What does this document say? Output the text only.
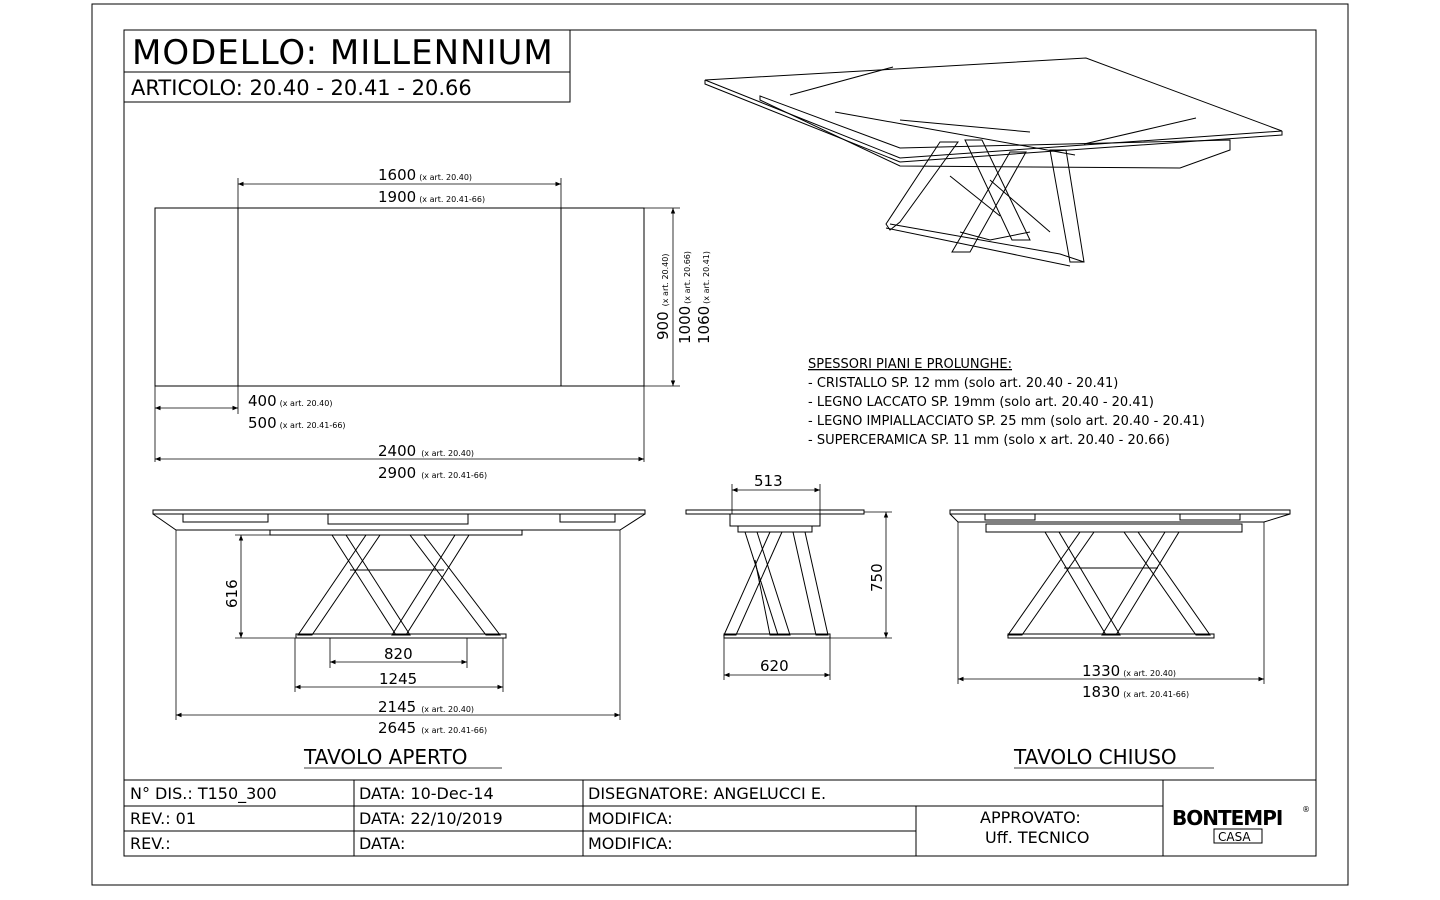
MODELLO: MILLENNIUM
ARTICOLO: 20.40 - 20.41 - 20.66
1600 (x art. 20.40)
1900 (x art. 20.41-66)
900(x art. 20.40)
1000(x art. 20.66)
1060(x art. 20.41)
400 (x art. 20.40)
500 (x art. 20.41-66)
2400 (x art. 20.40)
2900 (x art. 20.41-66)
SPESSORI PIANI E PROLUNGHE:
- CRISTALLO SP. 12 mm (solo art. 20.40 - 20.41)
- LEGNO LACCATO SP. 19mm (solo art. 20.40 - 20.41)
- LEGNO IMPIALLACCIATO SP. 25 mm (solo art. 20.40 - 20.41)
- SUPERCERAMICA SP. 11 mm (solo x art. 20.40 - 20.66)
616
820
1245
2145 (x art. 20.40)
2645 (x art. 20.41-66)
TAVOLO APERTO
513
750
620	1330 (x art. 20.40)
1830 (x art. 20.41-66)
TAVOLO CHIUSO
N° DIS.: T150_300	DATA: 10-Dec-14	DISEGNATORE: ANGELUCCI E.
REV.: 01	DATA: 22/10/2019	MODIFICA:
REV.:	DATA:	MODIFICA:
APPROVATO:
Uff. TECNICO
BONTEMPI ®
CASA
